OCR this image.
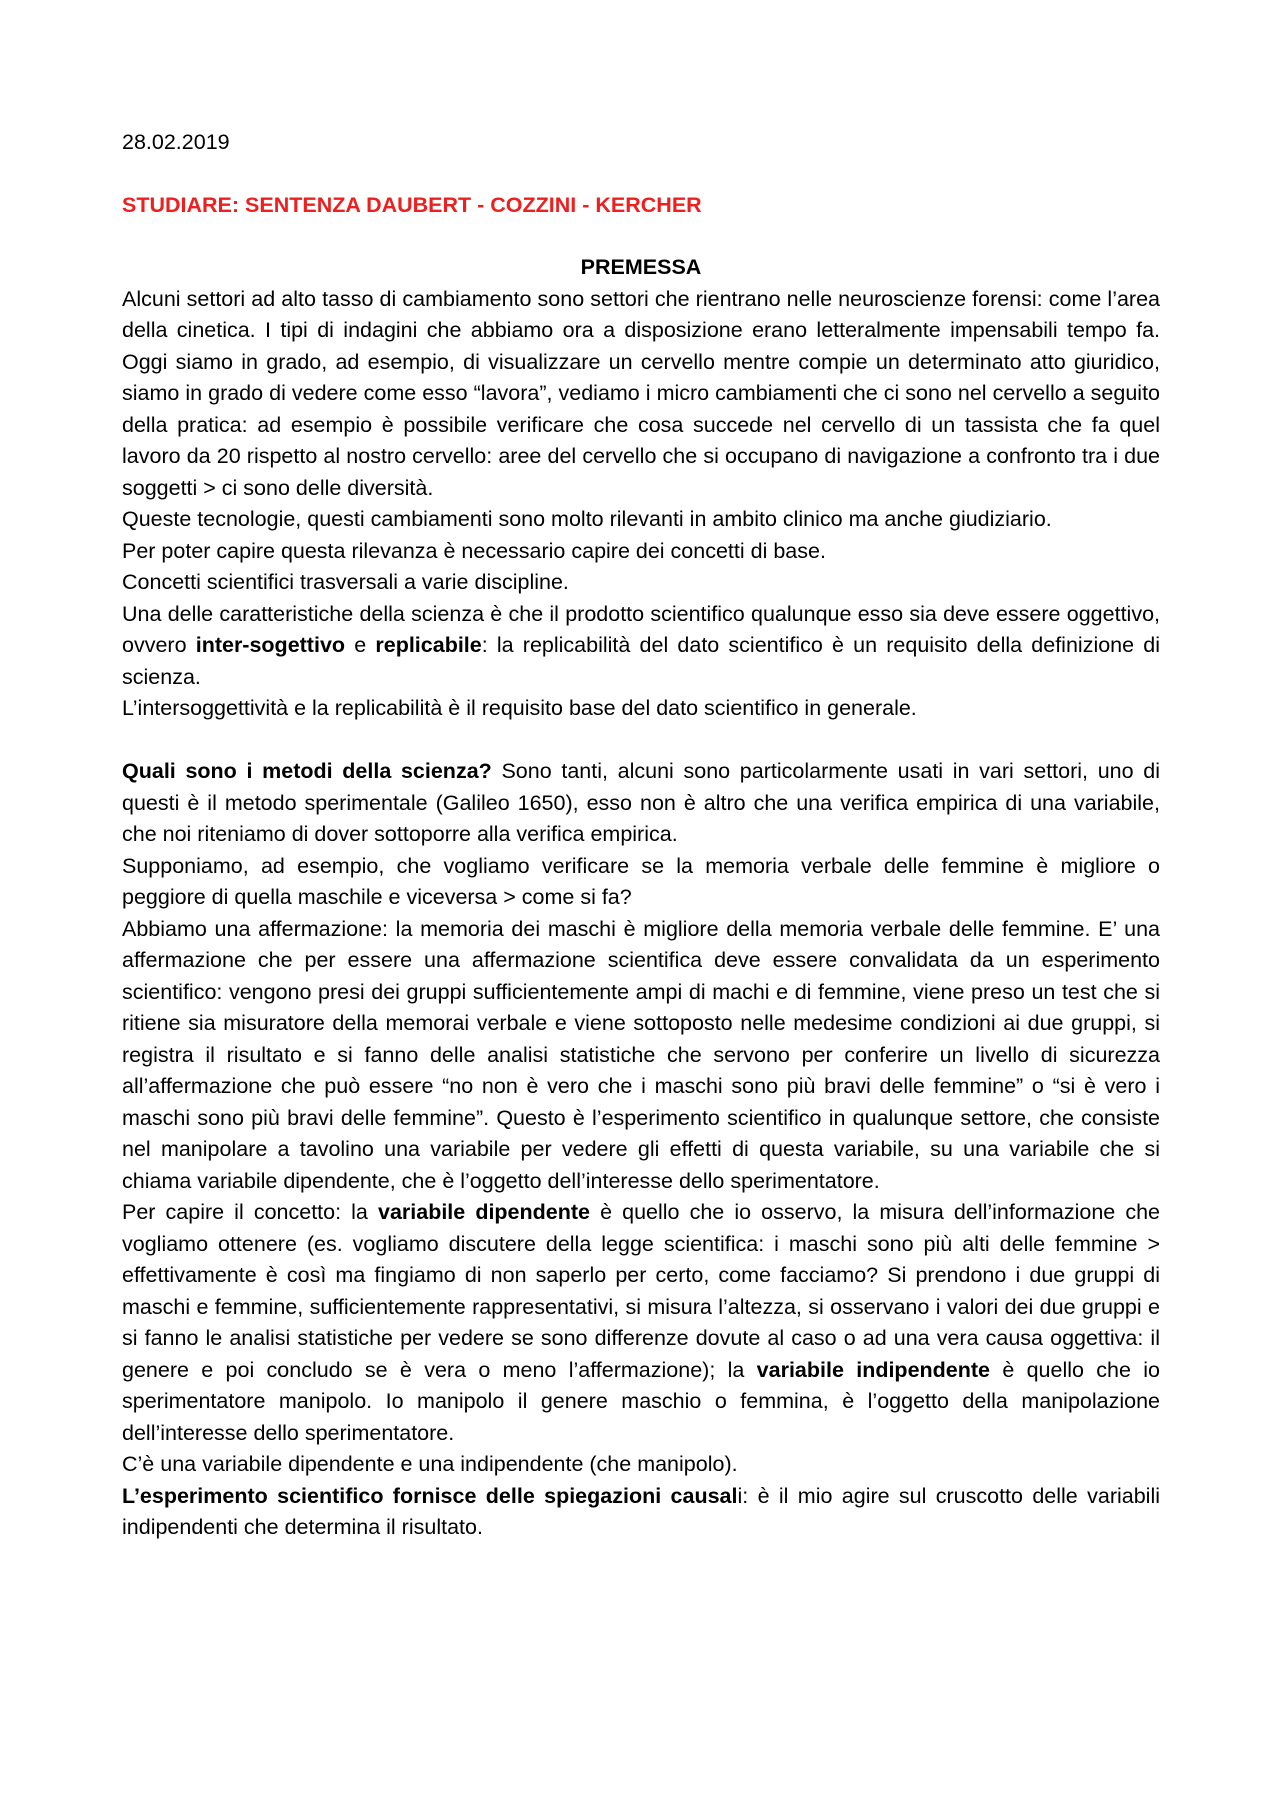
28.02.2019

STUDIARE: SENTENZA DAUBERT - COZZINI - KERCHER

PREMESSA

Alcuni settori ad alto tasso di cambiamento sono settori che rientrano nelle neuroscienze forensi: come l’area della cinetica. I tipi di indagini che abbiamo ora a disposizione erano letteralmente impensabili tempo fa. Oggi siamo in grado, ad esempio, di visualizzare un cervello mentre compie un determinato atto giuridico, siamo in grado di vedere come esso “lavora”, vediamo i micro cambiamenti che ci sono nel cervello a seguito della pratica: ad esempio è possibile verificare che cosa succede nel cervello di un tassista che fa quel lavoro da 20 rispetto al nostro cervello: aree del cervello che si occupano di navigazione a confronto tra i due soggetti > ci sono delle diversità.

Queste tecnologie, questi cambiamenti sono molto rilevanti in ambito clinico ma anche giudiziario.

Per poter capire questa rilevanza è necessario capire dei concetti di base.

Concetti scientifici trasversali a varie discipline.

Una delle caratteristiche della scienza è che il prodotto scientifico qualunque esso sia deve essere oggettivo, ovvero inter-sogettivo e replicabile: la replicabilità del dato scientifico è un requisito della definizione di scienza.

L’intersoggettività e la replicabilità è il requisito base del dato scientifico in generale.

Quali sono i metodi della scienza? Sono tanti, alcuni sono particolarmente usati in vari settori, uno di questi è il metodo sperimentale (Galileo 1650), esso non è altro che una verifica empirica di una variabile, che noi riteniamo di dover sottoporre alla verifica empirica.

Supponiamo, ad esempio, che vogliamo verificare se la memoria verbale delle femmine è migliore o peggiore di quella maschile e viceversa > come si fa?

Abbiamo una affermazione: la memoria dei maschi è migliore della memoria verbale delle femmine. E’ una affermazione che per essere una affermazione scientifica deve essere convalidata da un esperimento scientifico: vengono presi dei gruppi sufficientemente ampi di machi e di femmine, viene preso un test che si ritiene sia misuratore della memorai verbale e viene sottoposto nelle medesime condizioni ai due gruppi, si registra il risultato e si fanno delle analisi statistiche che servono per conferire un livello di sicurezza all’affermazione che può essere “no non è vero che i maschi sono più bravi delle femmine” o “si è vero i maschi sono più bravi delle femmine”. Questo è l’esperimento scientifico in qualunque settore, che consiste nel manipolare a tavolino una variabile per vedere gli effetti di questa variabile, su una variabile che si chiama variabile dipendente, che è l’oggetto dell’interesse dello sperimentatore.

Per capire il concetto: la variabile dipendente è quello che io osservo, la misura dell’informazione che vogliamo ottenere (es. vogliamo discutere della legge scientifica: i maschi sono più alti delle femmine > effettivamente è così ma fingiamo di non saperlo per certo, come facciamo? Si prendono i due gruppi di maschi e femmine, sufficientemente rappresentativi, si misura l’altezza, si osservano i valori dei due gruppi e si fanno le analisi statistiche per vedere se sono differenze dovute al caso o ad una vera causa oggettiva: il genere e poi concludo se è vera o meno l’affermazione); la variabile indipendente è quello che io sperimentatore manipolo. Io manipolo il genere maschio o femmina, è l’oggetto della manipolazione dell’interesse dello sperimentatore.

C’è una variabile dipendente e una indipendente (che manipolo).

L’esperimento scientifico fornisce delle spiegazioni causali: è il mio agire sul cruscotto delle variabili indipendenti che determina il risultato.
